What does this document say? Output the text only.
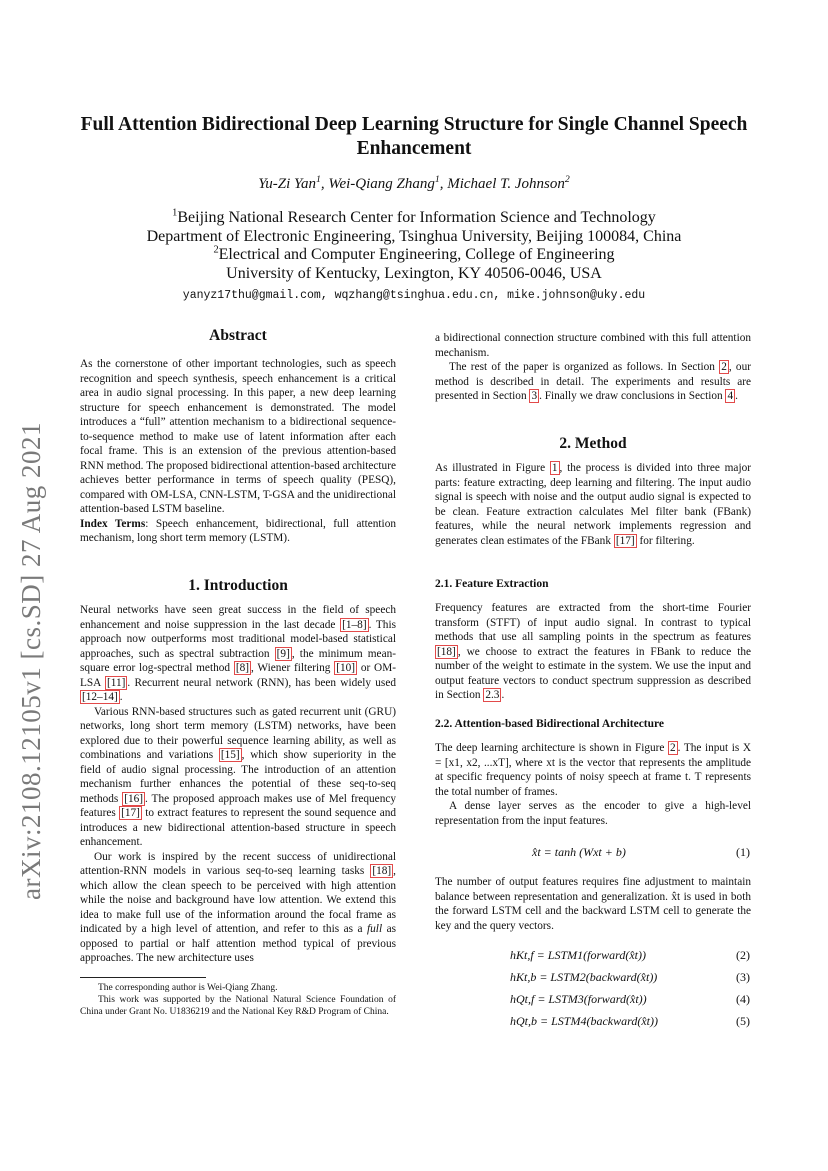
arXiv:2108.12105v1 [cs.SD] 27 Aug 2021
Full Attention Bidirectional Deep Learning Structure for Single Channel Speech Enhancement
Yu-Zi Yan$^1$, Wei-Qiang Zhang$^1$, Michael T. Johnson$^2$
$^1$Beijing National Research Center for Information Science and Technology
Department of Electronic Engineering, Tsinghua University, Beijing 100084, China
$^2$Electrical and Computer Engineering, College of Engineering
University of Kentucky, Lexington, KY 40506-0046, USA
yanyz17thu@gmail.com, wqzhang@tsinghua.edu.cn, mike.johnson@uky.edu
Abstract

As the cornerstone of other important technologies, such as speech recognition and speech synthesis, speech enhancement is a critical area in audio signal processing. In this paper, a new deep learning structure for speech enhancement is demonstrated. The model introduces a “full” attention mechanism to a bidirectional sequence-to-sequence method to make use of latent information after each focal frame. This is an extension of the previous attention-based RNN method. The proposed bidirectional attention-based architecture achieves better performance in terms of speech quality (PESQ), compared with OM-LSA, CNN-LSTM, T-GSA and the unidirectional attention-based LSTM baseline.

Index Terms: Speech enhancement, bidirectional, full attention mechanism, long short term memory (LSTM).

1. Introduction

Neural networks have seen great success in the field of speech enhancement and noise suppression in the last decade [1–8] . This approach now outperforms most traditional model-based statistical approaches, such as spectral subtraction [9] , the minimum mean-square error log-spectral method [8] , Wiener filtering [10] or OM-LSA [11] . Recurrent neural network (RNN), has been widely used [12–14] .

Various RNN-based structures such as gated recurrent unit (GRU) networks, long short term memory (LSTM) networks, have been explored due to their powerful sequence learning ability, as well as combinations and variations [15] , which show superiority in the field of audio signal processing. The introduction of an attention mechanism further enhances the potential of these seq-to-seq methods [16] . The proposed approach makes use of Mel frequency features [17] to extract features to represent the sound sequence and introduces a new bidirectional attention-based structure in speech enhancement.

Our work is inspired by the recent success of unidirectional attention-RNN models in various seq-to-seq learning tasks [18] , which allow the clean speech to be perceived with high attention while the noise and background have low attention. We extend this idea to make full use of the information around the focal frame as indicated by a high level of attention, and refer to this as a full as opposed to partial or half attention method typical of previous approaches. The new architecture uses

The corresponding author is Wei-Qiang Zhang.
This work was supported by the National Natural Science Foundation of China under Grant No. U1836219 and the National Key R&D Program of China.

a bidirectional connection structure combined with this full attention mechanism.

The rest of the paper is organized as follows. In Section 2 , our method is described in detail. The experiments and results are presented in Section 3 . Finally we draw conclusions in Section 4 .

2. Method

As illustrated in Figure 1 , the process is divided into three major parts: feature extracting, deep learning and filtering. The input audio signal is speech with noise and the output audio signal is expected to be clean. Feature extraction calculates Mel filter bank (FBank) features, while the neural network implements regression and generates clean estimates of the FBank [17] for filtering.

2.1. Feature Extraction

Frequency features are extracted from the short-time Fourier transform (STFT) of input audio signal. In contrast to typical methods that use all sampling points in the spectrum as features [18] , we choose to extract the features in FBank to reduce the number of the weight to estimate in the system. We use the input and output feature vectors to conduct spectrum suppression as described in Section 2.3 .

2.2. Attention-based Bidirectional Architecture

The deep learning architecture is shown in Figure 2 . The input is X = [x1, x2, ...xT], where xt is the vector that represents the amplitude at specific frequency points of noisy speech at frame t. T represents the total number of frames.

A dense layer serves as the encoder to give a high-level representation from the input features.

x̂t = tanh (Wxt + b)	(1)

The number of output features requires fine adjustment to maintain balance between representation and generalization. x̂t is used in both the forward LSTM cell and the backward LSTM cell to generate the key and the query vectors.

hKt,f = LSTM1(forward(x̂t))	(2)
hKt,b = LSTM2(backward(x̂t))	(3)
hQt,f = LSTM3(forward(x̂t))	(4)
hQt,b = LSTM4(backward(x̂t))	(5)
